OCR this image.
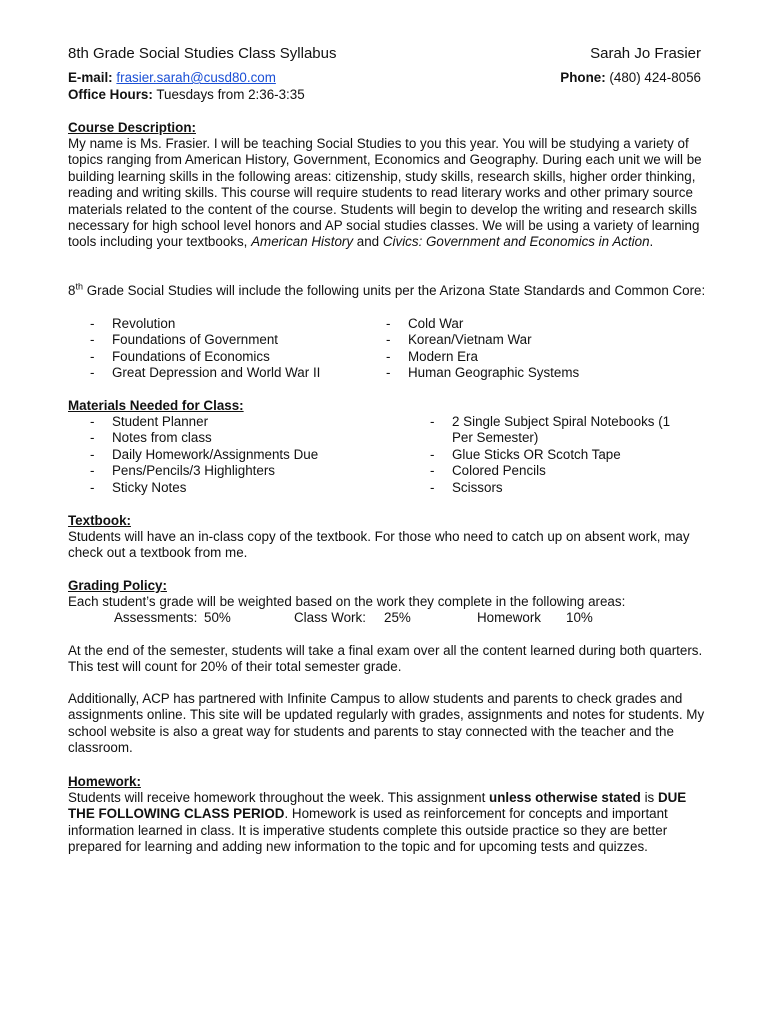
8th Grade Social Studies Class Syllabus	Sarah Jo Frasier
E-mail: frasier.sarah@cusd80.com	Phone: (480) 424-8056
Office Hours: Tuesdays from 2:36-3:35
Course Description:
My name is Ms. Frasier. I will be teaching Social Studies to you this year. You will be studying a variety of topics ranging from American History, Government, Economics and Geography. During each unit we will be building learning skills in the following areas: citizenship, study skills, research skills, higher order thinking, reading and writing skills. This course will require students to read literary works and other primary source materials related to the content of the course. Students will begin to develop the writing and research skills necessary for high school level honors and AP social studies classes. We will be using a variety of learning tools including your textbooks, American History and Civics: Government and Economics in Action.
8th Grade Social Studies will include the following units per the Arizona State Standards and Common Core:
- Revolution
- Foundations of Government
- Foundations of Economics
- Great Depression and World War II
- Cold War
- Korean/Vietnam War
- Modern Era
- Human Geographic Systems
Materials Needed for Class:
- Student Planner
- Notes from class
- Daily Homework/Assignments Due
- Pens/Pencils/3 Highlighters
- Sticky Notes
- 2 Single Subject Spiral Notebooks (1 Per Semester)
- Glue Sticks OR Scotch Tape
- Colored Pencils
- Scissors
Textbook:
Students will have an in-class copy of the textbook. For those who need to catch up on absent work, may check out a textbook from me.
Grading Policy:
Each student’s grade will be weighted based on the work they complete in the following areas:
Assessments: 50%	Class Work: 25%	Homework 10%
At the end of the semester, students will take a final exam over all the content learned during both quarters. This test will count for 20% of their total semester grade.
Additionally, ACP has partnered with Infinite Campus to allow students and parents to check grades and assignments online. This site will be updated regularly with grades, assignments and notes for students. My school website is also a great way for students and parents to stay connected with the teacher and the classroom.
Homework:
Students will receive homework throughout the week. This assignment unless otherwise stated is DUE THE FOLLOWING CLASS PERIOD. Homework is used as reinforcement for concepts and important information learned in class. It is imperative students complete this outside practice so they are better prepared for learning and adding new information to the topic and for upcoming tests and quizzes.
